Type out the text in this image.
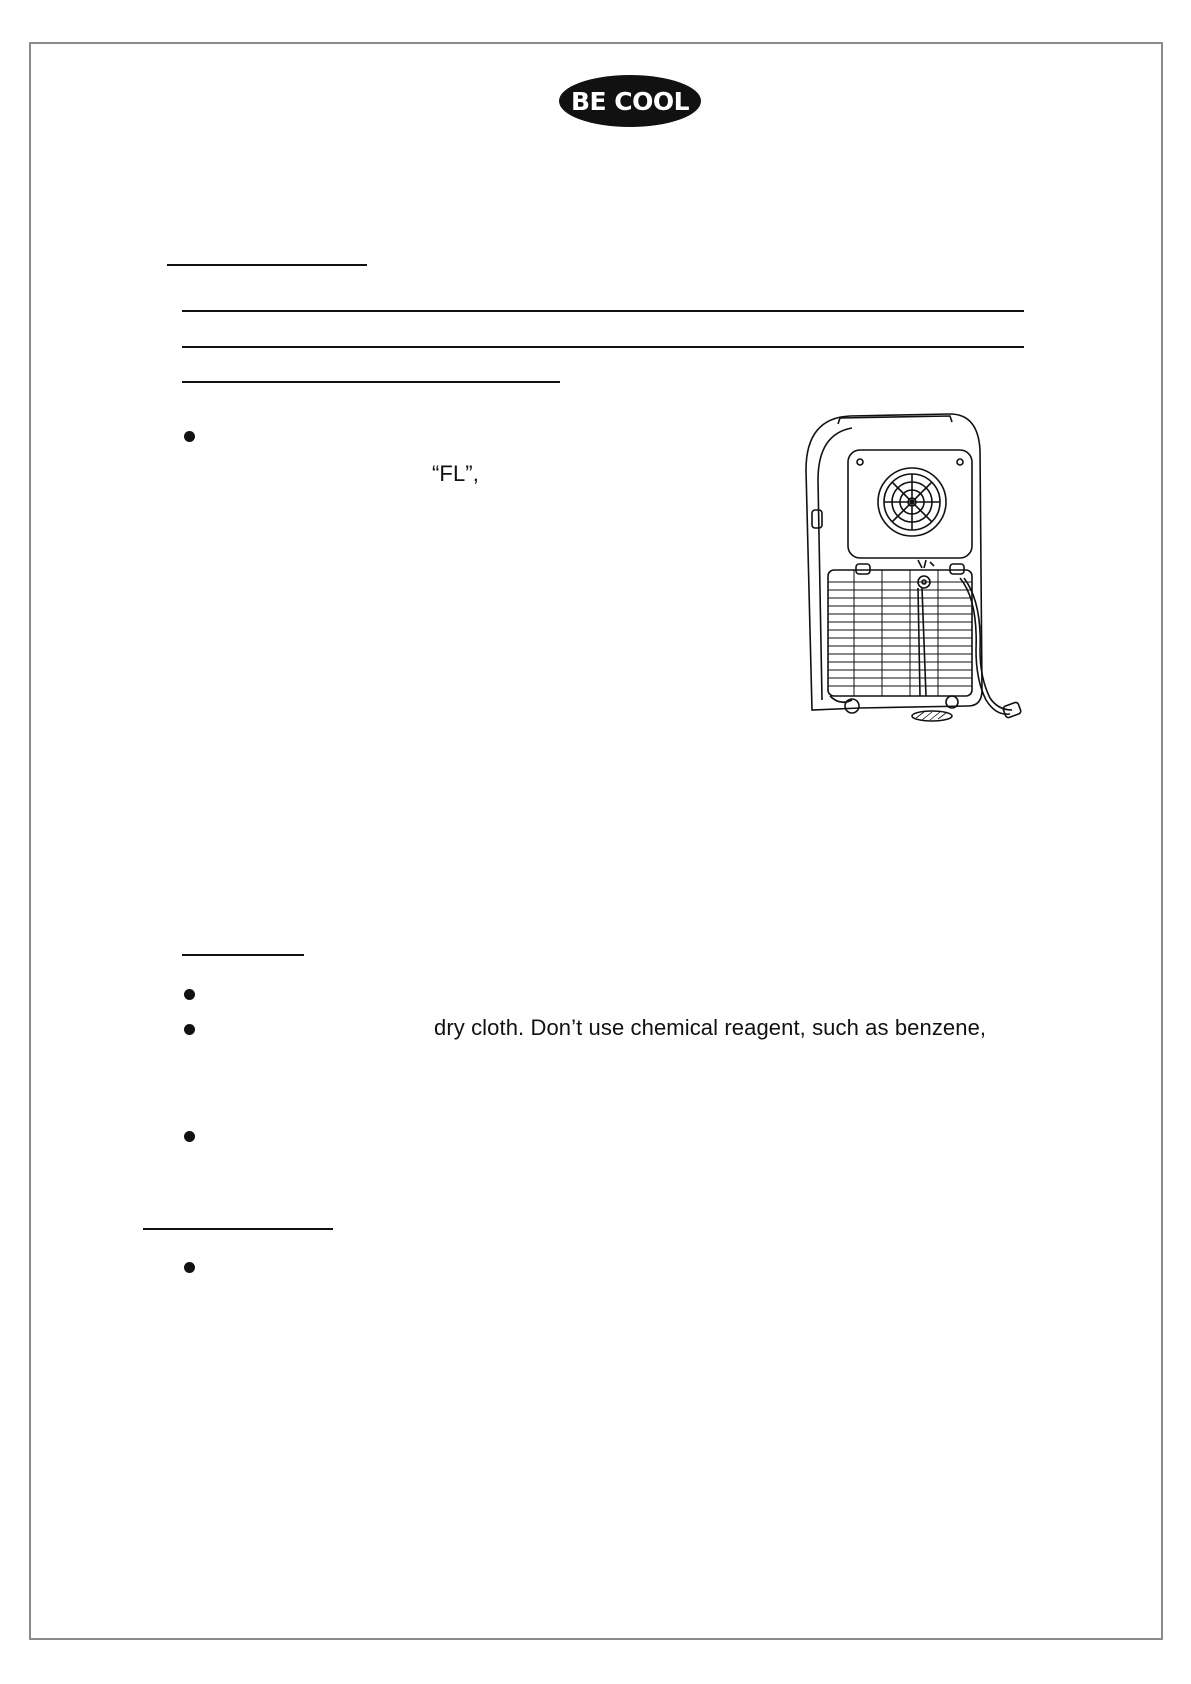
BE COOL
“FL”,
dry cloth. Don’t use chemical reagent, such as benzene,
